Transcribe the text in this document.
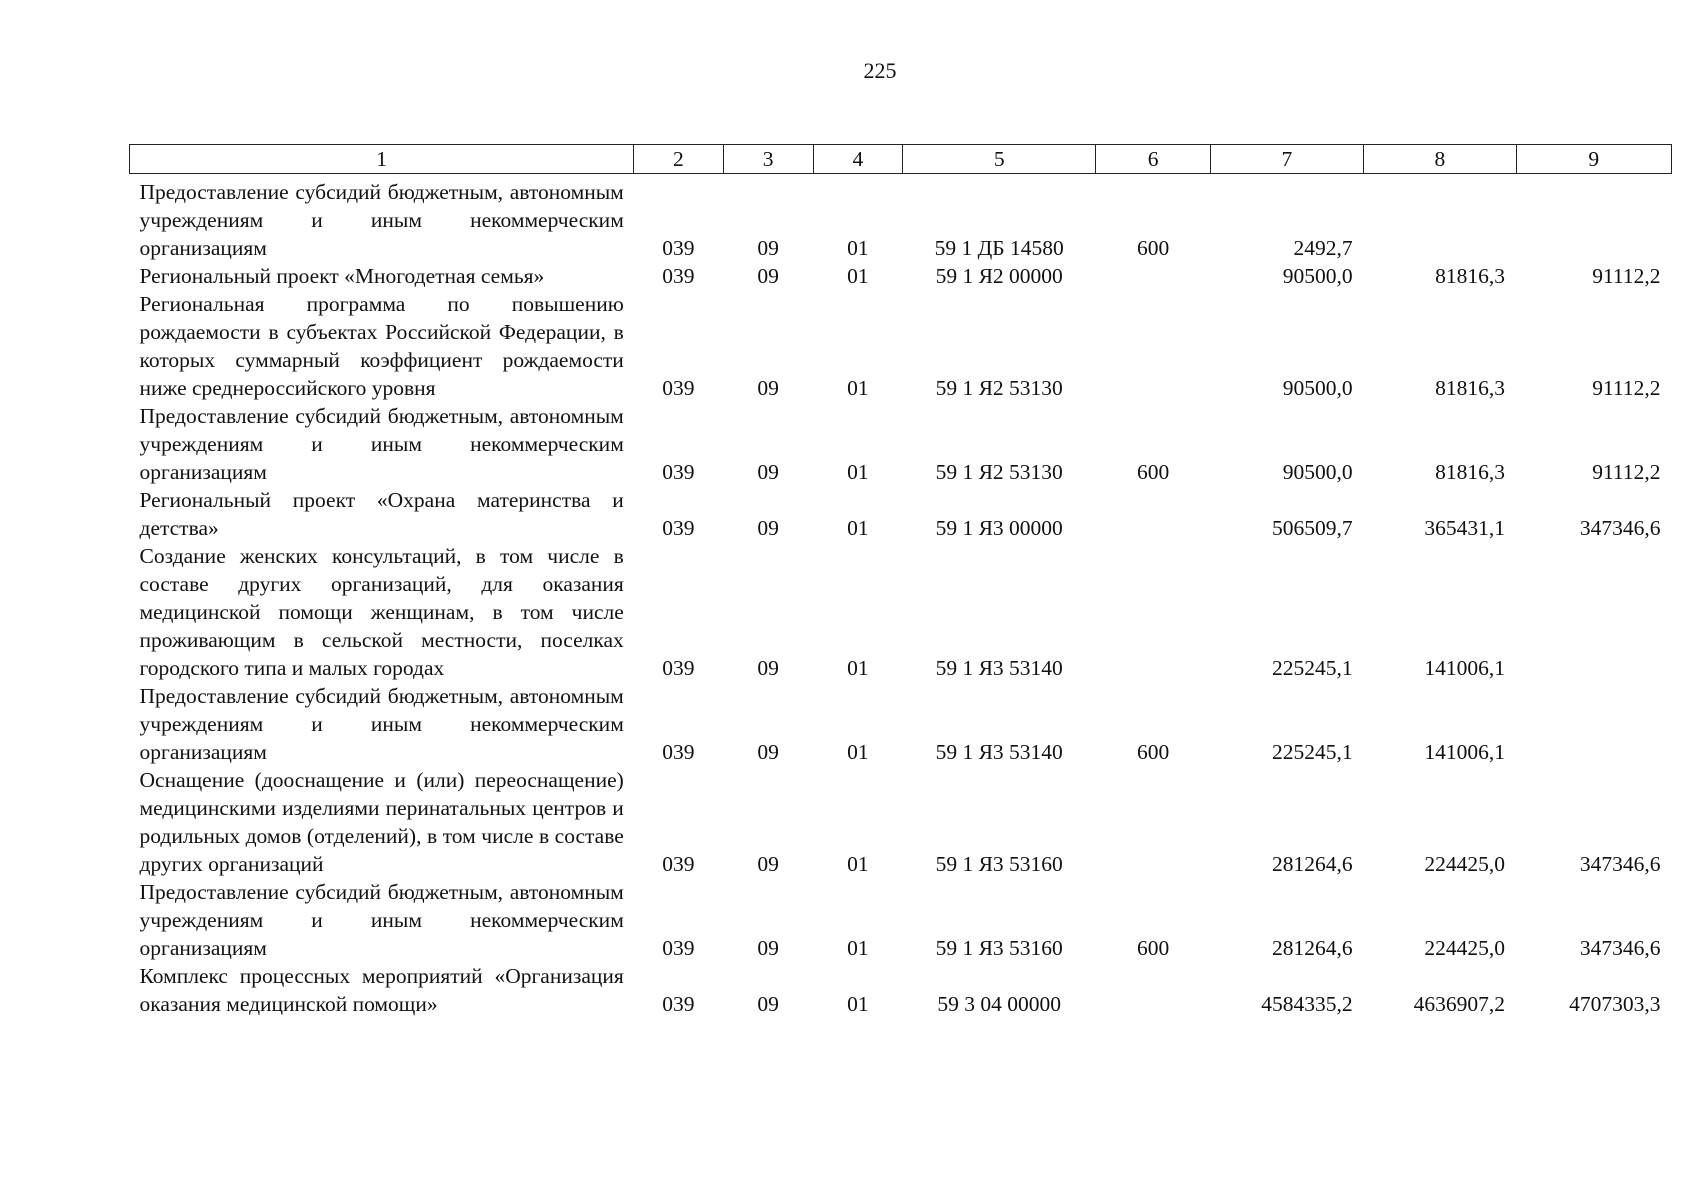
225
1	2	3	4	5	6	7	8	9
Предоставление субсидий бюджетным, автономным учреждениям и иным некоммерческим организациям	039	09	01	59 1 ДБ 14580	600	2492,7		
Региональный проект «Многодетная семья»	039	09	01	59 1 Я2 00000		90500,0	81816,3	91112,2
Региональная программа по повышению рождаемости в субъектах Российской Федерации, в которых суммарный коэффициент рождаемости ниже среднероссийского уровня	039	09	01	59 1 Я2 53130		90500,0	81816,3	91112,2
Предоставление субсидий бюджетным, автономным учреждениям и иным некоммерческим организациям	039	09	01	59 1 Я2 53130	600	90500,0	81816,3	91112,2
Региональный проект «Охрана материнства и детства»	039	09	01	59 1 Я3 00000		506509,7	365431,1	347346,6
Создание женских консультаций, в том числе в составе других организаций, для оказания медицинской помощи женщинам, в том числе проживающим в сельской местности, поселках городского типа и малых городах	039	09	01	59 1 Я3 53140		225245,1	141006,1	
Предоставление субсидий бюджетным, автономным учреждениям и иным некоммерческим организациям	039	09	01	59 1 Я3 53140	600	225245,1	141006,1	
Оснащение (дооснащение и (или) переоснащение) медицинскими изделиями перинатальных центров и родильных домов (отделений), в том числе в составе других организаций	039	09	01	59 1 Я3 53160		281264,6	224425,0	347346,6
Предоставление субсидий бюджетным, автономным учреждениям и иным некоммерческим организациям	039	09	01	59 1 Я3 53160	600	281264,6	224425,0	347346,6
Комплекс процессных мероприятий «Организация оказания медицинской помощи»	039	09	01	59 3 04 00000		4584335,2	4636907,2	4707303,3
